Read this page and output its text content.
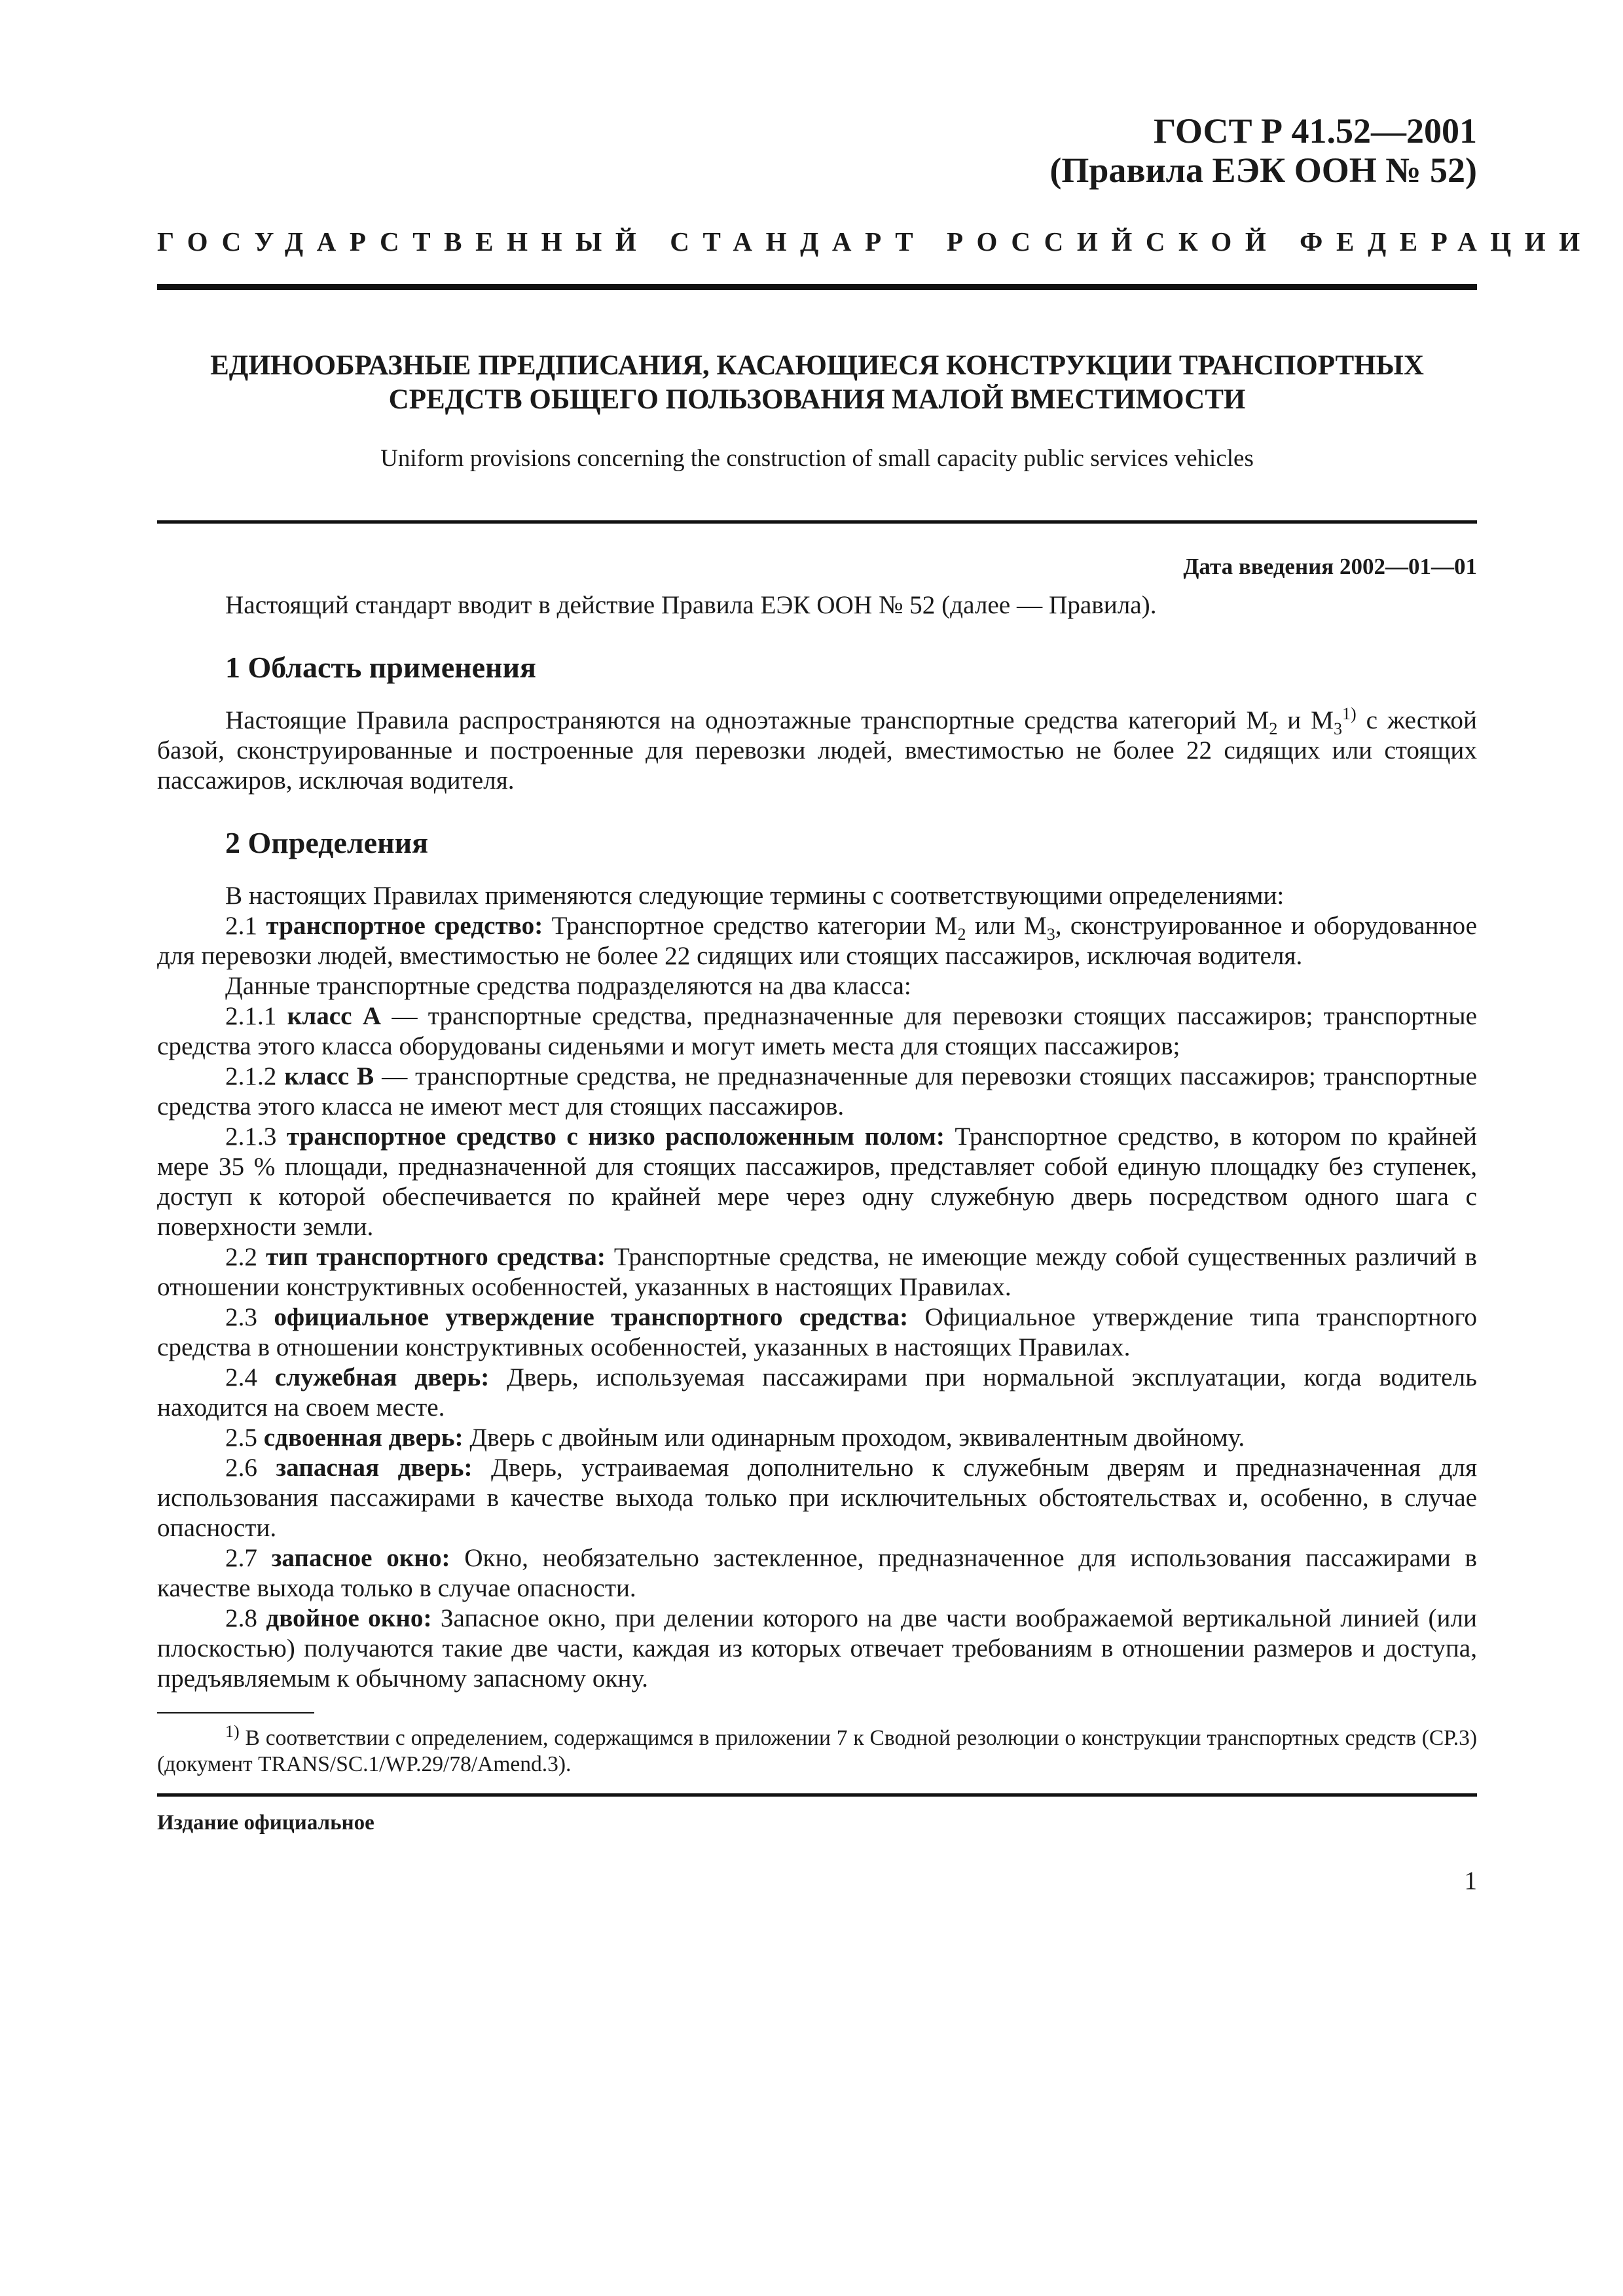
ГОСТ Р 41.52—2001
(Правила ЕЭК ООН № 52)
ГОСУДАРСТВЕННЫЙ СТАНДАРТ РОССИЙСКОЙ ФЕДЕРАЦИИ
ЕДИНООБРАЗНЫЕ ПРЕДПИСАНИЯ, КАСАЮЩИЕСЯ КОНСТРУКЦИИ ТРАНСПОРТНЫХ
СРЕДСТВ ОБЩЕГО ПОЛЬЗОВАНИЯ МАЛОЙ ВМЕСТИМОСТИ
Uniform provisions concerning the construction of small capacity public services vehicles
Дата введения 2002—01—01

Настоящий стандарт вводит в действие Правила ЕЭК ООН № 52 (далее — Правила).

1 Область применения

Настоящие Правила распространяются на одноэтажные транспортные средства категорий $М_2$ и $М_3^{1)}$ с жесткой базой, сконструированные и построенные для перевозки людей, вместимостью не более 22 сидящих или стоящих пассажиров, исключая водителя.

2 Определения

В настоящих Правилах применяются следующие термины с соответствующими определениями:

2.1 транспортное средство: Транспортное средство категории $М_2$ или $М_3$, сконструированное и оборудованное для перевозки людей, вместимостью не более 22 сидящих или стоящих пассажиров, исключая водителя.

Данные транспортные средства подразделяются на два класса:

2.1.1 класс А — транспортные средства, предназначенные для перевозки стоящих пассажиров; транспортные средства этого класса оборудованы сиденьями и могут иметь места для стоящих пассажиров;

2.1.2 класс В — транспортные средства, не предназначенные для перевозки стоящих пассажиров; транспортные средства этого класса не имеют мест для стоящих пассажиров.

2.1.3 транспортное средство с низко расположенным полом: Транспортное средство, в котором по крайней мере 35 % площади, предназначенной для стоящих пассажиров, представляет собой единую площадку без ступенек, доступ к которой обеспечивается по крайней мере через одну служебную дверь посредством одного шага с поверхности земли.

2.2 тип транспортного средства: Транспортные средства, не имеющие между собой существенных различий в отношении конструктивных особенностей, указанных в настоящих Правилах.

2.3 официальное утверждение транспортного средства: Официальное утверждение типа транспортного средства в отношении конструктивных особенностей, указанных в настоящих Правилах.

2.4 служебная дверь: Дверь, используемая пассажирами при нормальной эксплуатации, когда водитель находится на своем месте.

2.5 сдвоенная дверь: Дверь с двойным или одинарным проходом, эквивалентным двойному.

2.6 запасная дверь: Дверь, устраиваемая дополнительно к служебным дверям и предназначенная для использования пассажирами в качестве выхода только при исключительных обстоятельствах и, особенно, в случае опасности.

2.7 запасное окно: Окно, необязательно застекленное, предназначенное для использования пассажирами в качестве выхода только в случае опасности.

2.8 двойное окно: Запасное окно, при делении которого на две части воображаемой вертикальной линией (или плоскостью) получаются такие две части, каждая из которых отвечает требованиям в отношении размеров и доступа, предъявляемым к обычному запасному окну.

$^{1)}$ В соответствии с определением, содержащимся в приложении 7 к Сводной резолюции о конструкции транспортных средств (СР.3) (документ TRANS/SC.1/WP.29/78/Amend.3).
Издание официальное
1
